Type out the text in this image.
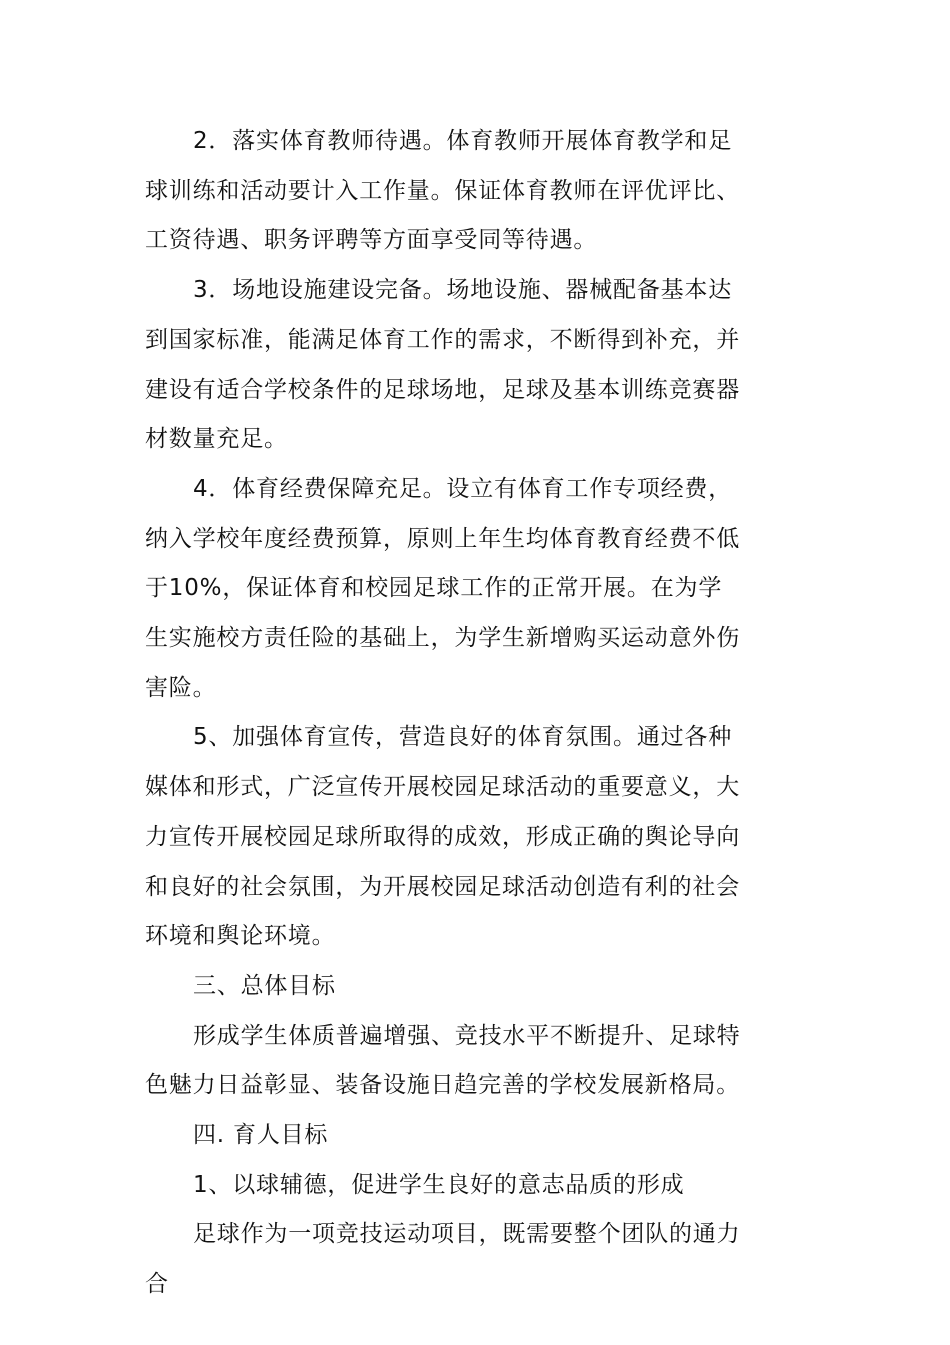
2．落实体育教师待遇。体育教师开展体育教学和足球训练和活动要计入工作量。保证体育教师在评优评比、工资待遇、职务评聘等方面享受同等待遇。

3．场地设施建设完备。场地设施、器械配备基本达到国家标准，能满足体育工作的需求，不断得到补充，并建设有适合学校条件的足球场地，足球及基本训练竞赛器材数量充足。

4．体育经费保障充足。设立有体育工作专项经费，纳入学校年度经费预算，原则上年生均体育教育经费不低于10%，保证体育和校园足球工作的正常开展。在为学生实施校方责任险的基础上，为学生新增购买运动意外伤害险。

5、加强体育宣传，营造良好的体育氛围。通过各种媒体和形式，广泛宣传开展校园足球活动的重要意义，大力宣传开展校园足球所取得的成效，形成正确的舆论导向和良好的社会氛围，为开展校园足球活动创造有利的社会环境和舆论环境。

三、总体目标

形成学生体质普遍增强、竞技水平不断提升、足球特色魅力日益彰显、装备设施日趋完善的学校发展新格局。

四. 育人目标

1、以球辅德，促进学生良好的意志品质的形成

足球作为一项竞技运动项目，既需要整个团队的通力合
